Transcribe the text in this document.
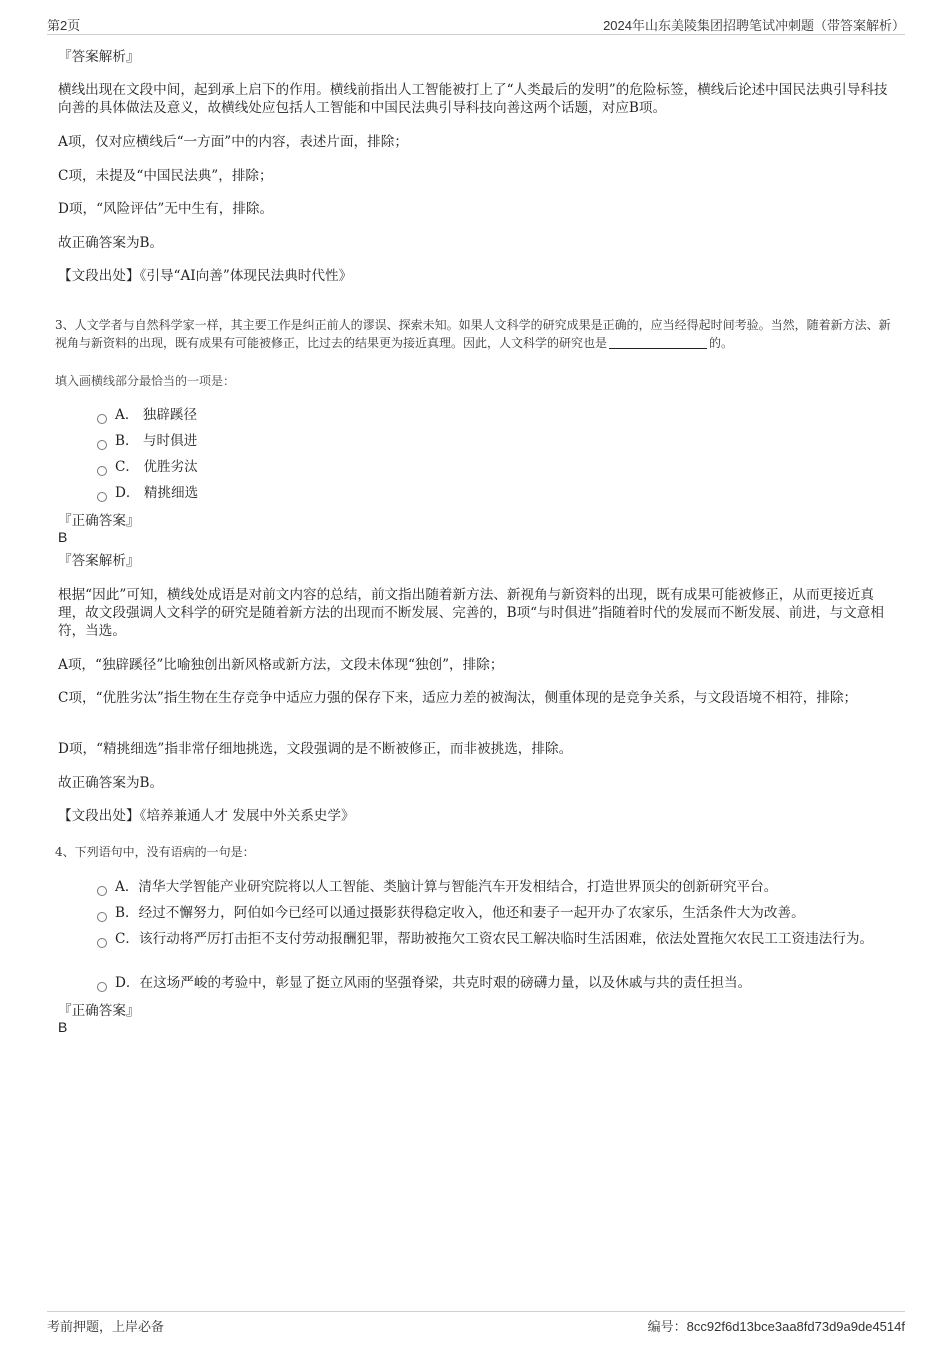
第2页	2024年山东美陵集团招聘笔试冲刺题（带答案解析）
『答案解析』
横线出现在文段中间，起到承上启下的作用。横线前指出人工智能被打上了“人类最后的发明”的危险标签，横线后论述中国民法典引导科技向善的具体做法及意义，故横线处应包括人工智能和中国民法典引导科技向善这两个话题，对应B项。
A项，仅对应横线后“一方面”中的内容，表述片面，排除；
C项，未提及“中国民法典”，排除；
D项，“风险评估”无中生有，排除。
故正确答案为B。
【文段出处】《引导“AI向善”体现民法典时代性》
3、人文学者与自然科学家一样，其主要工作是纠正前人的谬误、探索未知。如果人文科学的研究成果是正确的，应当经得起时间考验。当然，随着新方法、新视角与新资料的出现，既有成果有可能被修正，比过去的结果更为接近真理。因此，人文科学的研究也是	的。
填入画横线部分最恰当的一项是：
A． 独辟蹊径
B． 与时俱进
C． 优胜劣汰
D． 精挑细选
『正确答案』
B
『答案解析』
根据“因此”可知，横线处成语是对前文内容的总结，前文指出随着新方法、新视角与新资料的出现，既有成果可能被修正，从而更接近真理，故文段强调人文科学的研究是随着新方法的出现而不断发展、完善的，B项“与时俱进”指随着时代的发展而不断发展、前进，与文意相符，当选。
A项，“独辟蹊径”比喻独创出新风格或新方法，文段未体现“独创”，排除；
C项，“优胜劣汰”指生物在生存竞争中适应力强的保存下来，适应力差的被淘汰，侧重体现的是竞争关系，与文段语境不相符，排除；
D项，“精挑细选”指非常仔细地挑选，文段强调的是不断被修正，而非被挑选，排除。
故正确答案为B。
【文段出处】《培养兼通人才 发展中外关系史学》
4、下列语句中，没有语病的一句是：
A．清华大学智能产业研究院将以人工智能、类脑计算与智能汽车开发相结合，打造世界顶尖的创新研究平台。
B．经过不懈努力，阿伯如今已经可以通过摄影获得稳定收入，他还和妻子一起开办了农家乐，生活条件大为改善。
C．该行动将严厉打击拒不支付劳动报酬犯罪，帮助被拖欠工资农民工解决临时生活困难，依法处置拖欠农民工工资违法行为。
D．在这场严峻的考验中，彰显了挺立风雨的坚强脊梁，共克时艰的磅礴力量，以及休戚与共的责任担当。
『正确答案』
B
考前押题，上岸必备	编号：8cc92f6d13bce3aa8fd73d9a9de4514f
